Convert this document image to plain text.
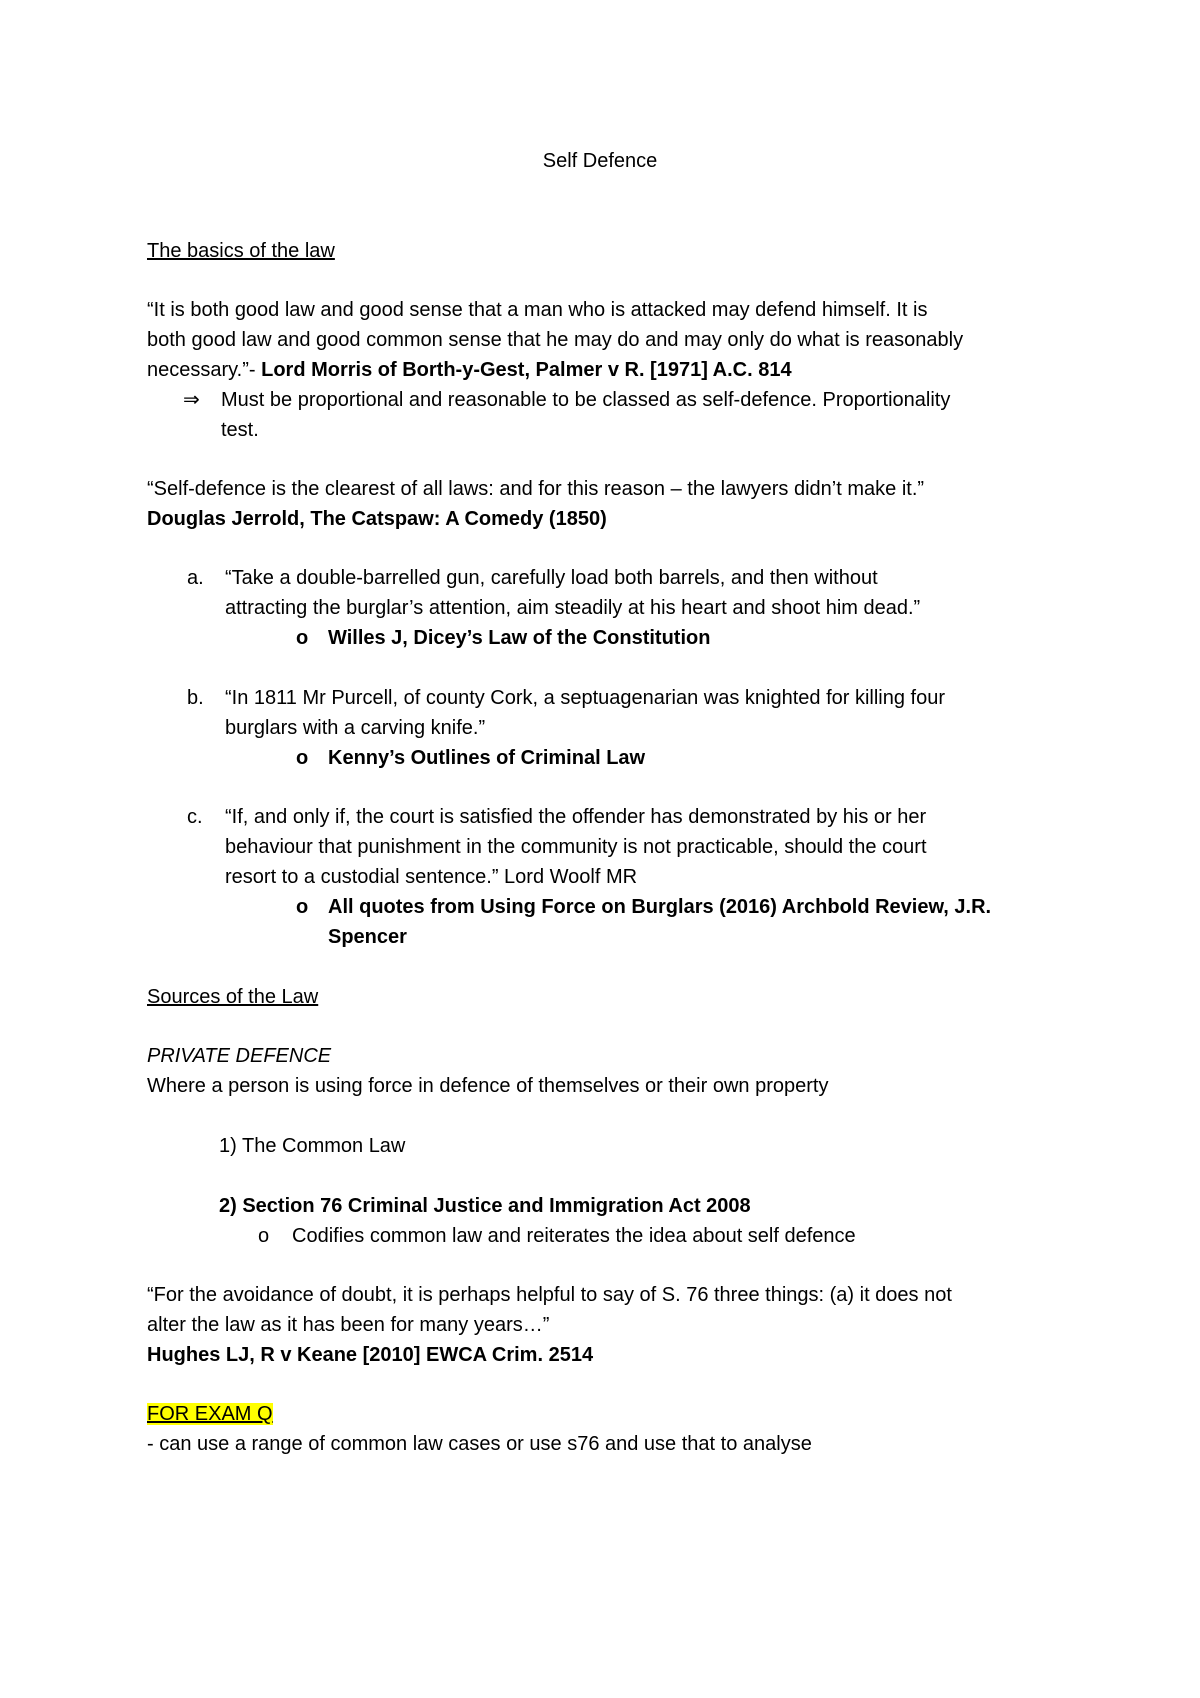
Self Defence
The basics of the law
“It is both good law and good sense that a man who is attacked may defend himself. It is
both good law and good common sense that he may do and may only do what is reasonably
necessary.”- Lord Morris of Borth-y-Gest, Palmer v R. [1971] A.C. 814
⇒ Must be proportional and reasonable to be classed as self-defence. Proportionality
test.
“Self-defence is the clearest of all laws: and for this reason – the lawyers didn’t make it.”
Douglas Jerrold, The Catspaw: A Comedy (1850)
a. “Take a double-barrelled gun, carefully load both barrels, and then without
attracting the burglar’s attention, aim steadily at his heart and shoot him dead.”
o Willes J, Dicey’s Law of the Constitution
b. “In 1811 Mr Purcell, of county Cork, a septuagenarian was knighted for killing four
burglars with a carving knife.”
o Kenny’s Outlines of Criminal Law
c. “If, and only if, the court is satisfied the offender has demonstrated by his or her
behaviour that punishment in the community is not practicable, should the court
resort to a custodial sentence.” Lord Woolf MR
o All quotes from Using Force on Burglars (2016) Archbold Review, J.R.
Spencer
Sources of the Law
PRIVATE DEFENCE
Where a person is using force in defence of themselves or their own property
1) The Common Law
2) Section 76 Criminal Justice and Immigration Act 2008
o Codifies common law and reiterates the idea about self defence
“For the avoidance of doubt, it is perhaps helpful to say of S. 76 three things: (a) it does not
alter the law as it has been for many years…”
Hughes LJ, R v Keane [2010] EWCA Crim. 2514
FOR EXAM Q
- can use a range of common law cases or use s76 and use that to analyse
